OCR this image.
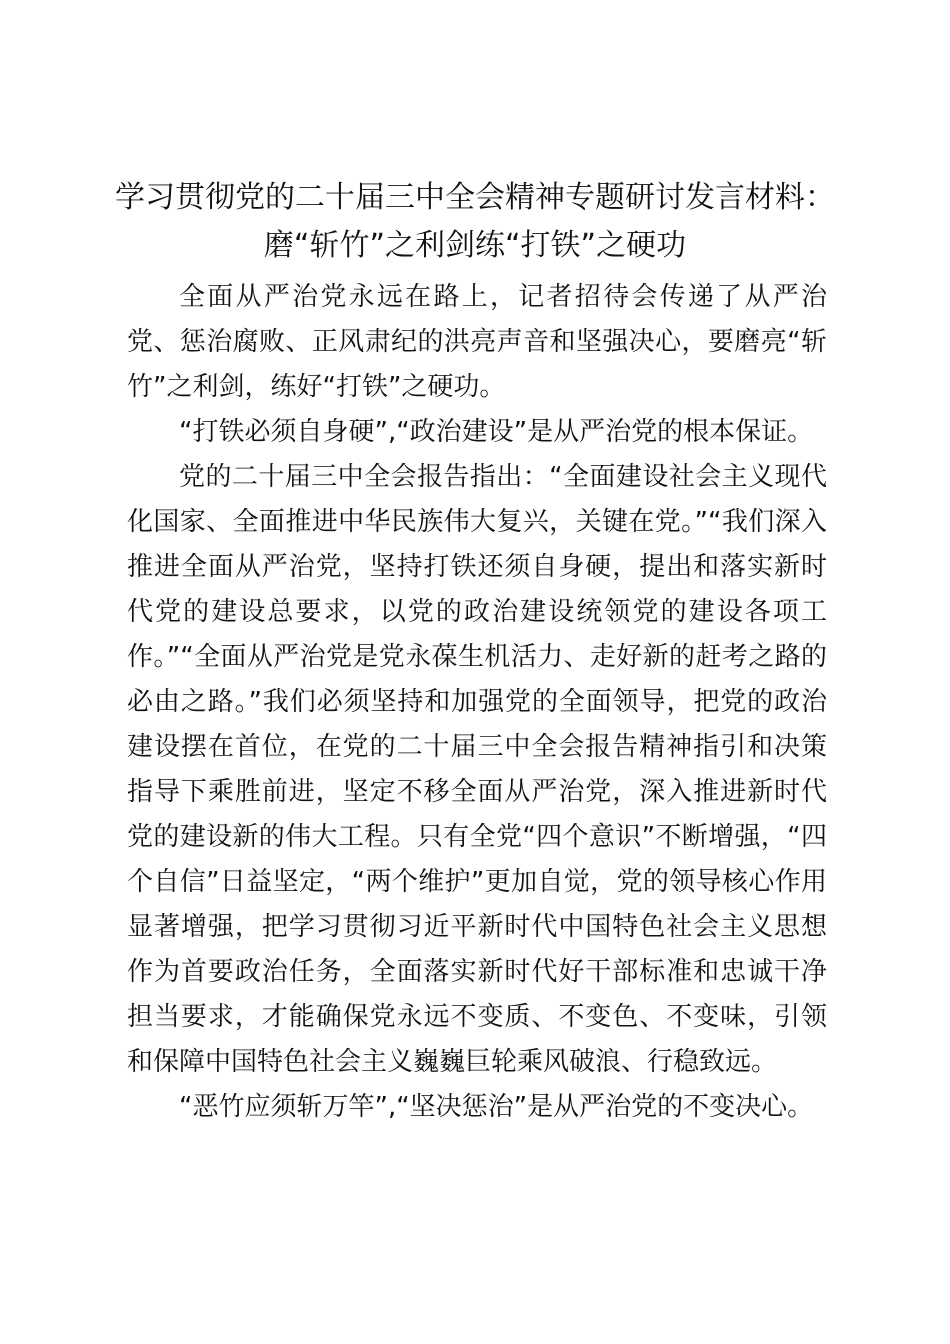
学习贯彻党的二十届三中全会精神专题研讨发言材料：
磨“斩竹”之利剑练“打铁”之硬功

全面从严治党永远在路上，记者招待会传递了从严治党、惩治腐败、正风肃纪的洪亮声音和坚强决心，要磨亮“斩竹”之利剑，练好“打铁”之硬功。

“打铁必须自身硬”,“政治建设”是从严治党的根本保证。

党的二十届三中全会报告指出：“全面建设社会主义现代化国家、全面推进中华民族伟大复兴，关键在党。”“我们深入推进全面从严治党，坚持打铁还须自身硬，提出和落实新时代党的建设总要求，以党的政治建设统领党的建设各项工作。”“全面从严治党是党永葆生机活力、走好新的赶考之路的必由之路。”我们必须坚持和加强党的全面领导，把党的政治建设摆在首位，在党的二十届三中全会报告精神指引和决策指导下乘胜前进，坚定不移全面从严治党，深入推进新时代党的建设新的伟大工程。只有全党“四个意识”不断增强，“四个自信”日益坚定，“两个维护”更加自觉，党的领导核心作用显著增强，把学习贯彻习近平新时代中国特色社会主义思想作为首要政治任务，全面落实新时代好干部标准和忠诚干净担当要求，才能确保党永远不变质、不变色、不变味，引领和保障中国特色社会主义巍巍巨轮乘风破浪、行稳致远。

“恶竹应须斩万竿”,“坚决惩治”是从严治党的不变决心。
